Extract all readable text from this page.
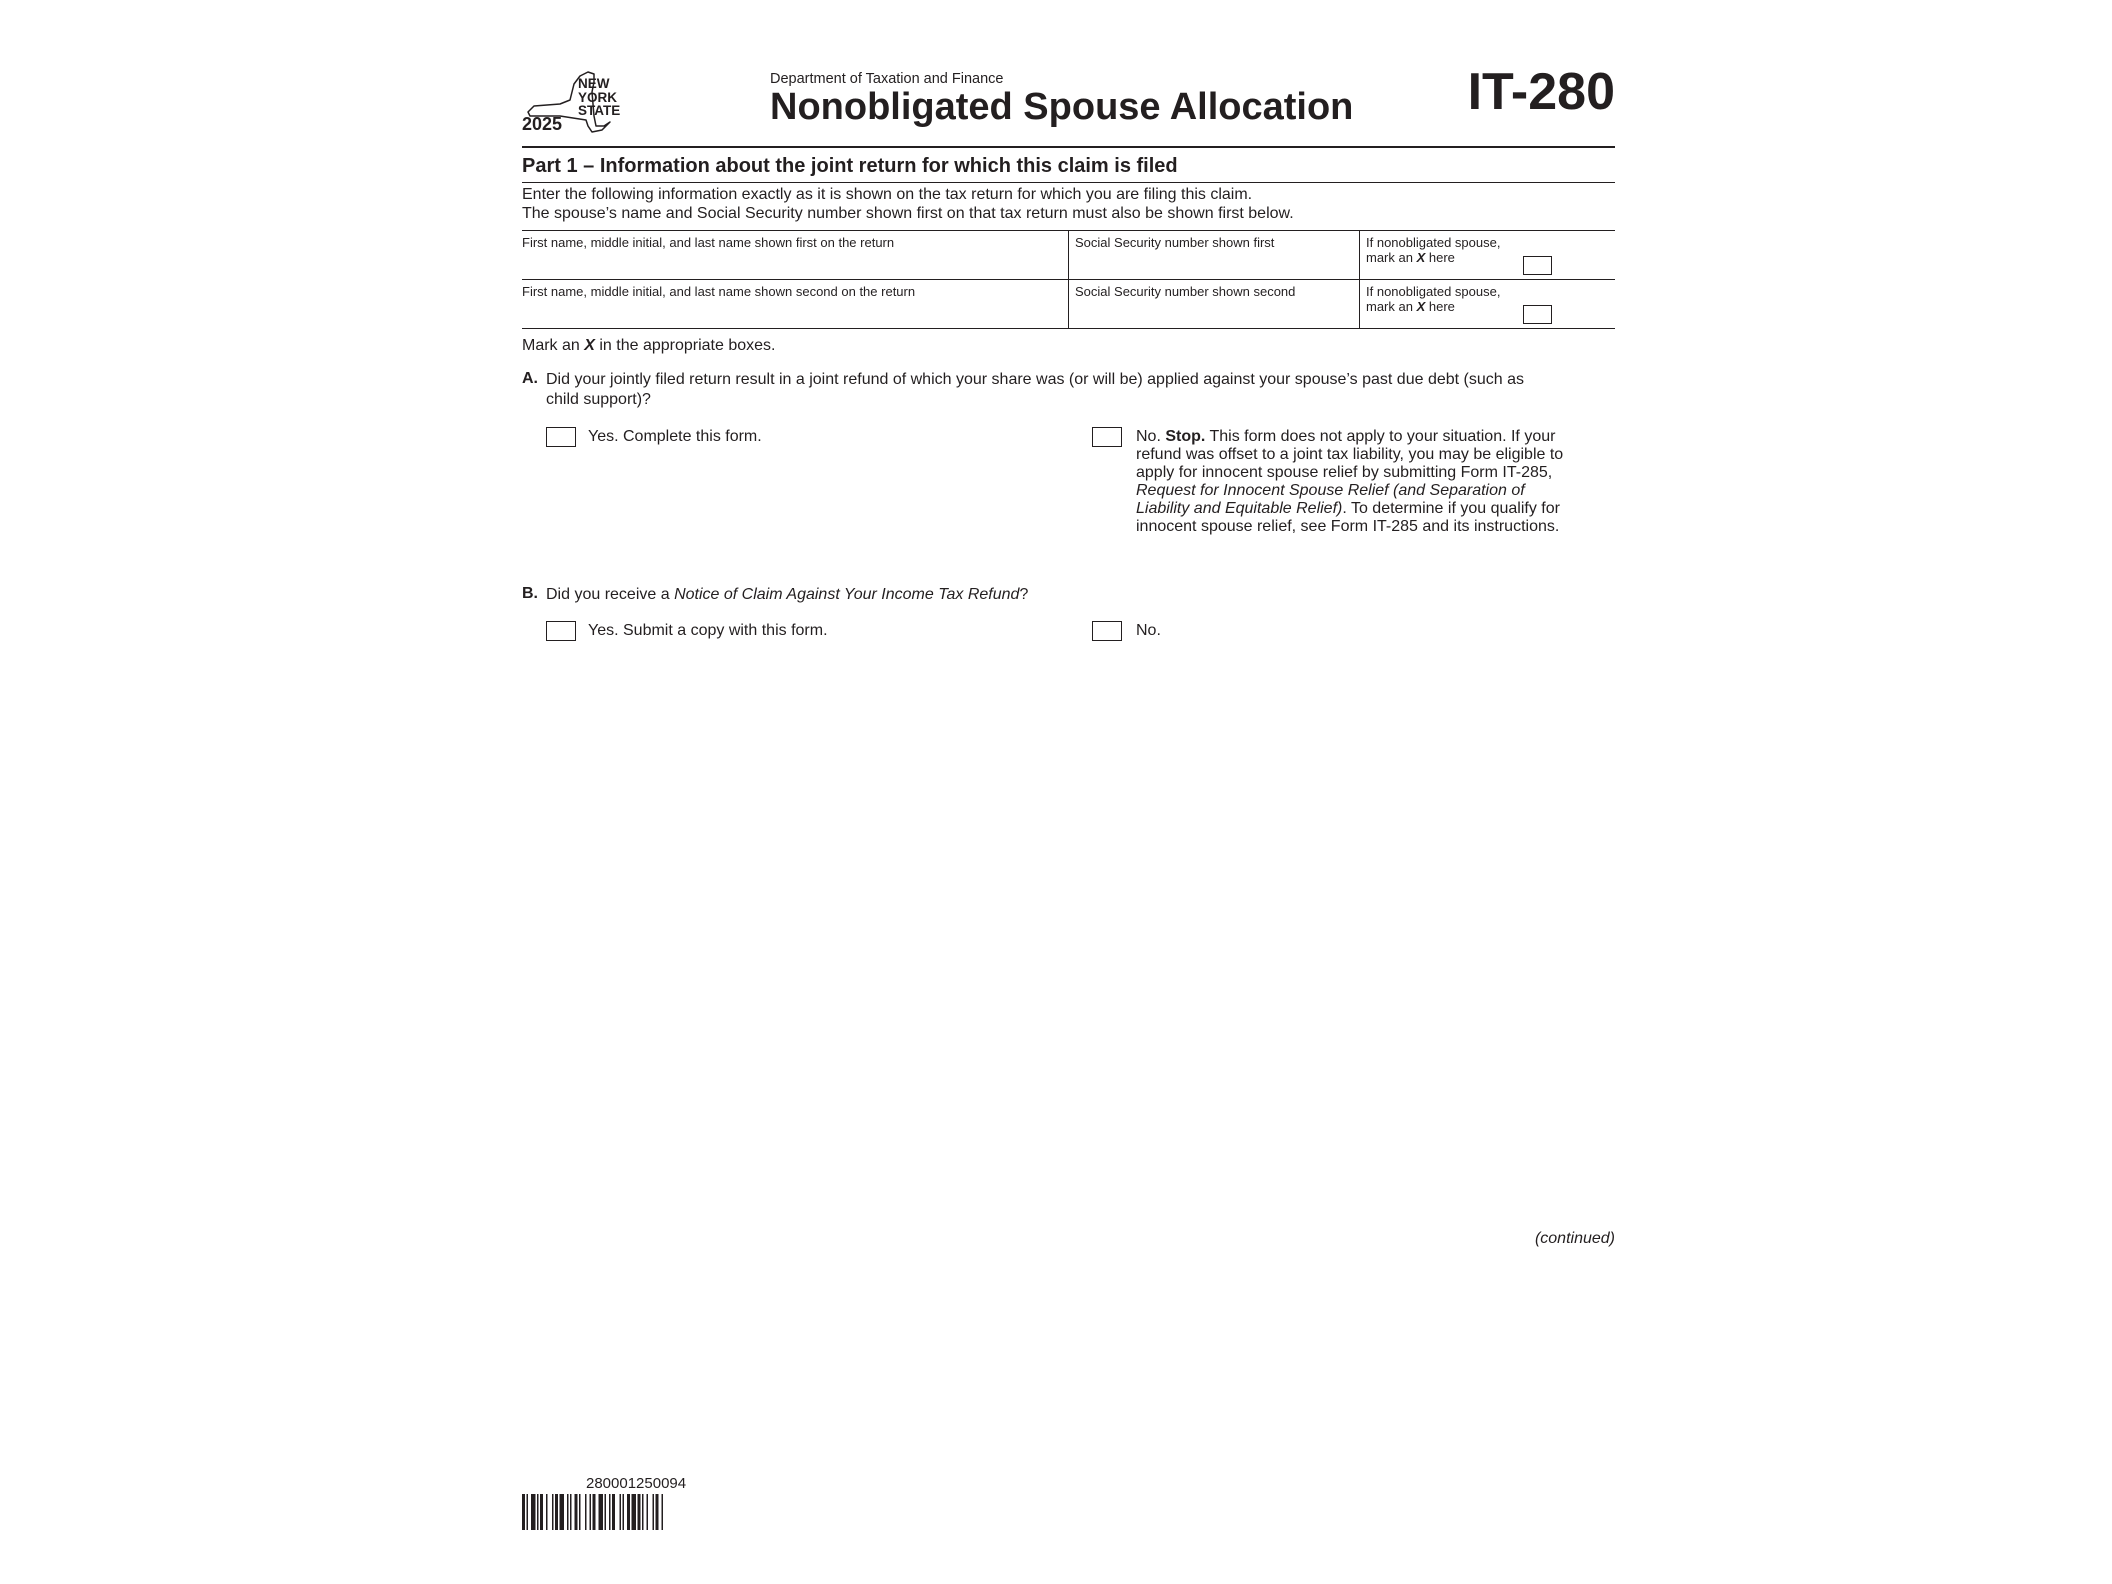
2025
NEW
YORK
STATE
Department of Taxation and Finance
Nonobligated Spouse Allocation IT-280
Part 1 – Information about the joint return for which this claim is filed
Enter the following information exactly as it is shown on the tax return for which you are filing this claim.
The spouse’s name and Social Security number shown first on that tax return must also be shown first below.
First name, middle initial, and last name shown first on the return	Social Security number shown first	If nonobligated spouse,
mark an X here
First name, middle initial, and last name shown second on the return	Social Security number shown second	If nonobligated spouse,
mark an X here
Mark an X in the appropriate boxes.
A. Did your jointly filed return result in a joint refund of which your share was (or will be) applied against your spouse’s past due debt (such as
child support)?
Yes. Complete this form.	No. Stop. This form does not apply to your situation. If your
refund was offset to a joint tax liability, you may be eligible to
apply for innocent spouse relief by submitting Form IT-285,
Request for Innocent Spouse Relief (and Separation of
Liability and Equitable Relief). To determine if you qualify for
innocent spouse relief, see Form IT-285 and its instructions.
B. Did you receive a Notice of Claim Against Your Income Tax Refund?
Yes. Submit a copy with this form.	No.
(continued)
280001250094
